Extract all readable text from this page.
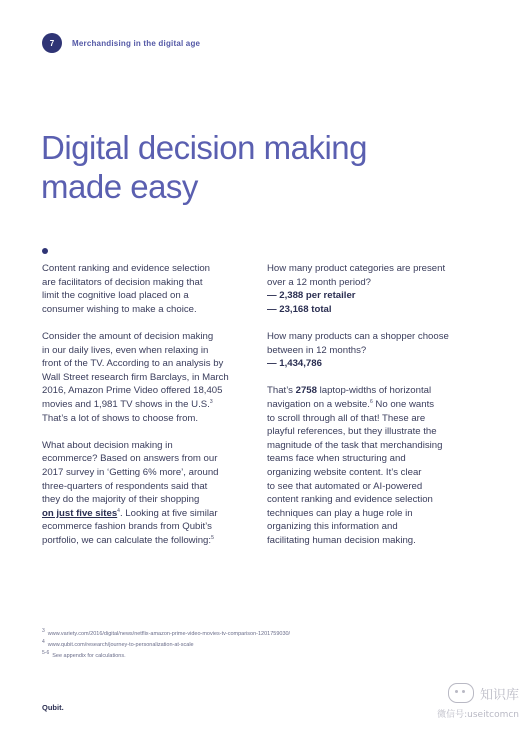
7	Merchandising in the digital age
Digital decision making
made easy

Content ranking and evidence selection
are facilitators of decision making that
limit the cognitive load placed on a
consumer wishing to make a choice.

Consider the amount of decision making
in our daily lives, even when relaxing in
front of the TV. According to an analysis by
Wall Street research firm Barclays, in March
2016, Amazon Prime Video offered 18,405
movies and 1,981 TV shows in the U.S.$^3$
That’s a lot of shows to choose from.

What about decision making in
ecommerce? Based on answers from our
2017 survey in ‘Getting 6% more’, around
three-quarters of respondents said that
they do the majority of their shopping
on just five sites$^4$. Looking at five similar
ecommerce fashion brands from Qubit’s
portfolio, we can calculate the following:$^5$

How many product categories are present
over a 12 month period?
— 2,388 per retailer
— 23,168 total

How many products can a shopper choose
between in 12 months?
— 1,434,786

That’s 2758 laptop-widths of horizontal
navigation on a website.$^6$ No one wants
to scroll through all of that! These are
playful references, but they illustrate the
magnitude of the task that merchandising
teams face when structuring and
organizing website content. It’s clear
to see that automated or AI-powered
content ranking and evidence selection
techniques can play a huge role in
organizing this information and
facilitating human decision making.

$^3$ www.variety.com/2016/digital/news/netflix-amazon-prime-video-movies-tv-comparison-1201759030/
$^4$ www.qubit.com/research/journey-to-personalization-at-scale
$^{5-6}$ See appendix for calculations.
Qubit.
知识库
微信号:useitcomcn
